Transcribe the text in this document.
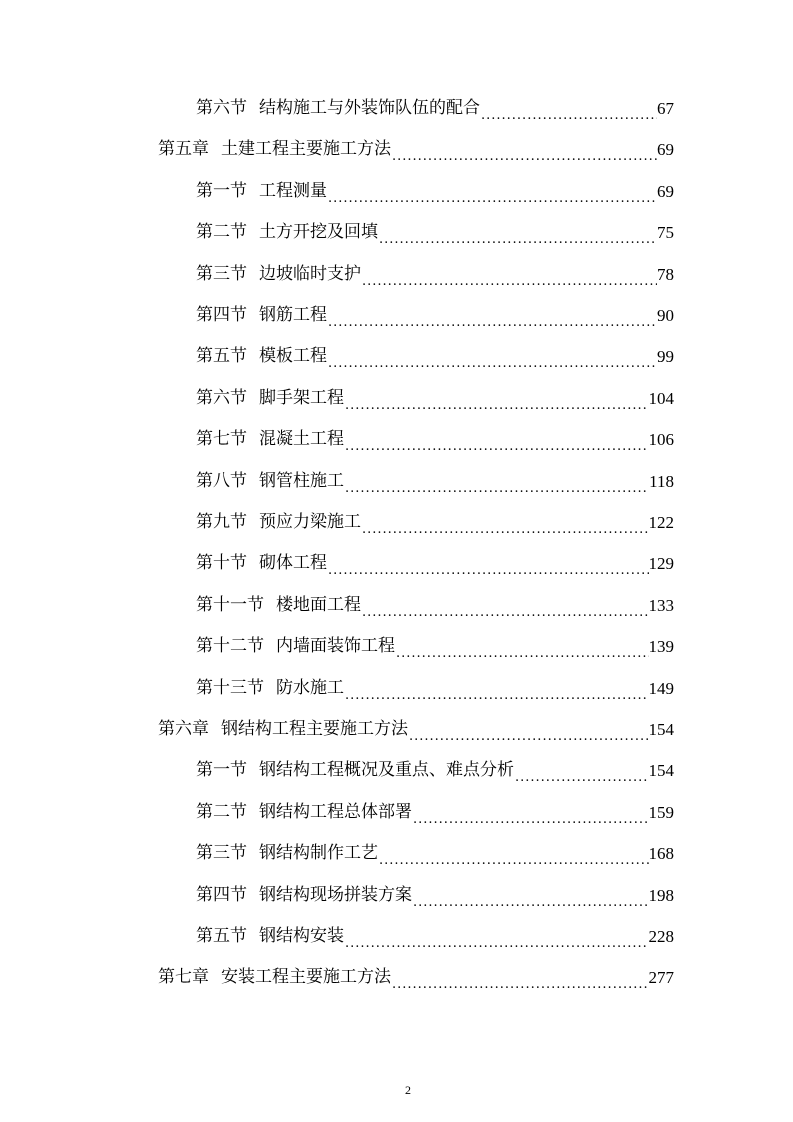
第六节 结构施工与外装饰队伍的配合 .....	67
第五章 土建工程主要施工方法 .....	69
第一节 工程测量 .....	69
第二节 土方开挖及回填 .....	75
第三节 边坡临时支护 .....	78
第四节 钢筋工程 .....	90
第五节 模板工程 .....	99
第六节 脚手架工程 .....	104
第七节 混凝土工程 .....	106
第八节 钢管柱施工 .....	118
第九节 预应力梁施工 .....	122
第十节 砌体工程 .....	129
第十一节 楼地面工程 .....	133
第十二节 内墙面装饰工程 .....	139
第十三节 防水施工 .....	149
第六章 钢结构工程主要施工方法 .....	154
第一节 钢结构工程概况及重点、难点分析 .....	154
第二节 钢结构工程总体部署 .....	159
第三节 钢结构制作工艺 .....	168
第四节 钢结构现场拼装方案 .....	198
第五节 钢结构安装 .....	228
第七章 安装工程主要施工方法 .....	277
2
